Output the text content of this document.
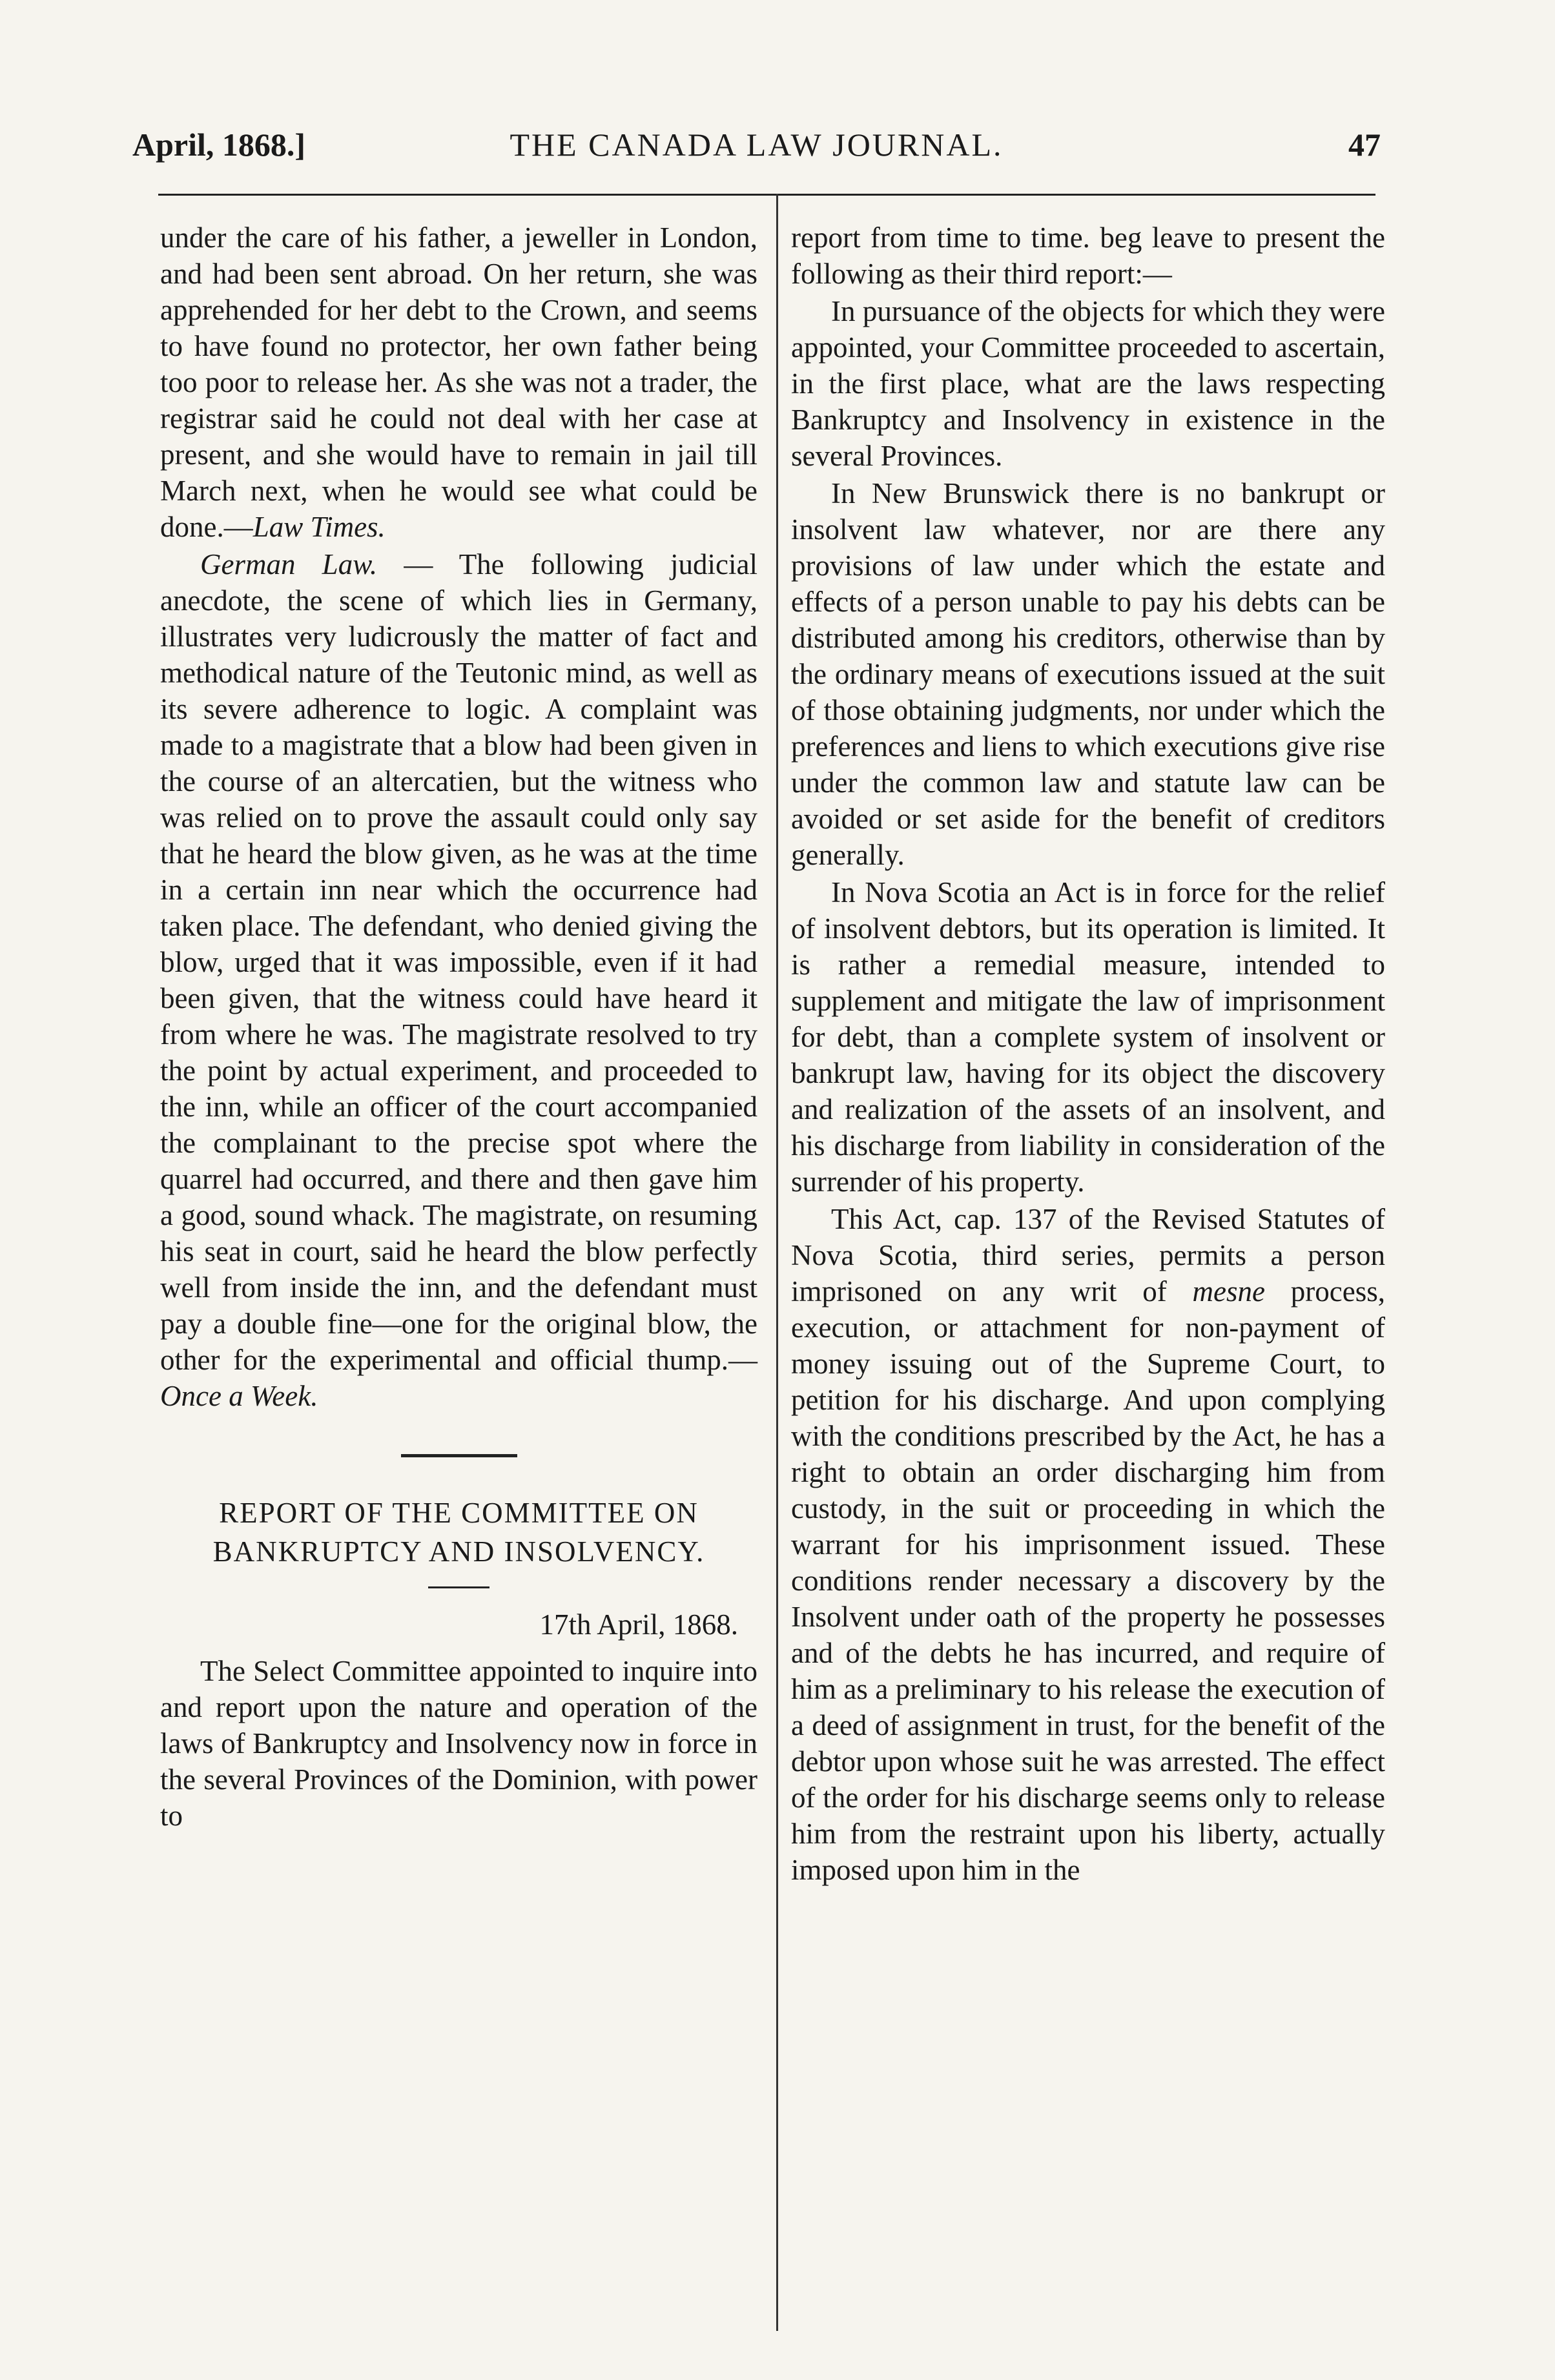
April, 1868.]	THE CANADA LAW JOURNAL.	47

under the care of his father, a jeweller in London, and had been sent abroad. On her return, she was apprehended for her debt to the Crown, and seems to have found no protector, her own father being too poor to release her. As she was not a trader, the registrar said he could not deal with her case at present, and she would have to remain in jail till March next, when he would see what could be done.—Law Times.

German Law. — The following judicial anecdote, the scene of which lies in Germany, illustrates very ludicrously the matter of fact and methodical nature of the Teutonic mind, as well as its severe adherence to logic. A complaint was made to a magistrate that a blow had been given in the course of an altercatien, but the witness who was relied on to prove the assault could only say that he heard the blow given, as he was at the time in a certain inn near which the occurrence had taken place. The defendant, who denied giving the blow, urged that it was impossible, even if it had been given, that the witness could have heard it from where he was. The magistrate resolved to try the point by actual experiment, and proceeded to the inn, while an officer of the court accompanied the complainant to the precise spot where the quarrel had occurred, and there and then gave him a good, sound whack. The magistrate, on resuming his seat in court, said he heard the blow perfectly well from inside the inn, and the defendant must pay a double fine—one for the original blow, the other for the experimental and official thump.—Once a Week.

REPORT OF THE COMMITTEE ON
BANKRUPTCY AND INSOLVENCY.
17th April, 1868.

The Select Committee appointed to inquire into and report upon the nature and operation of the laws of Bankruptcy and Insolvency now in force in the several Provinces of the Dominion, with power to

report from time to time. beg leave to present the following as their third report:—

In pursuance of the objects for which they were appointed, your Committee proceeded to ascertain, in the first place, what are the laws respecting Bankruptcy and Insolvency in existence in the several Provinces.

In New Brunswick there is no bankrupt or insolvent law whatever, nor are there any provisions of law under which the estate and effects of a person unable to pay his debts can be distributed among his creditors, otherwise than by the ordinary means of executions issued at the suit of those obtaining judgments, nor under which the preferences and liens to which executions give rise under the common law and statute law can be avoided or set aside for the benefit of creditors generally.

In Nova Scotia an Act is in force for the relief of insolvent debtors, but its operation is limited. It is rather a remedial measure, intended to supplement and mitigate the law of imprisonment for debt, than a complete system of insolvent or bankrupt law, having for its object the discovery and realization of the assets of an insolvent, and his discharge from liability in consideration of the surrender of his property.

This Act, cap. 137 of the Revised Statutes of Nova Scotia, third series, permits a person imprisoned on any writ of mesne process, execution, or attachment for non-payment of money issuing out of the Supreme Court, to petition for his discharge. And upon complying with the conditions prescribed by the Act, he has a right to obtain an order discharging him from custody, in the suit or proceeding in which the warrant for his imprisonment issued. These conditions render necessary a discovery by the Insolvent under oath of the property he possesses and of the debts he has incurred, and require of him as a preliminary to his release the execution of a deed of assignment in trust, for the benefit of the debtor upon whose suit he was arrested. The effect of the order for his discharge seems only to release him from the restraint upon his liberty, actually imposed upon him in the
